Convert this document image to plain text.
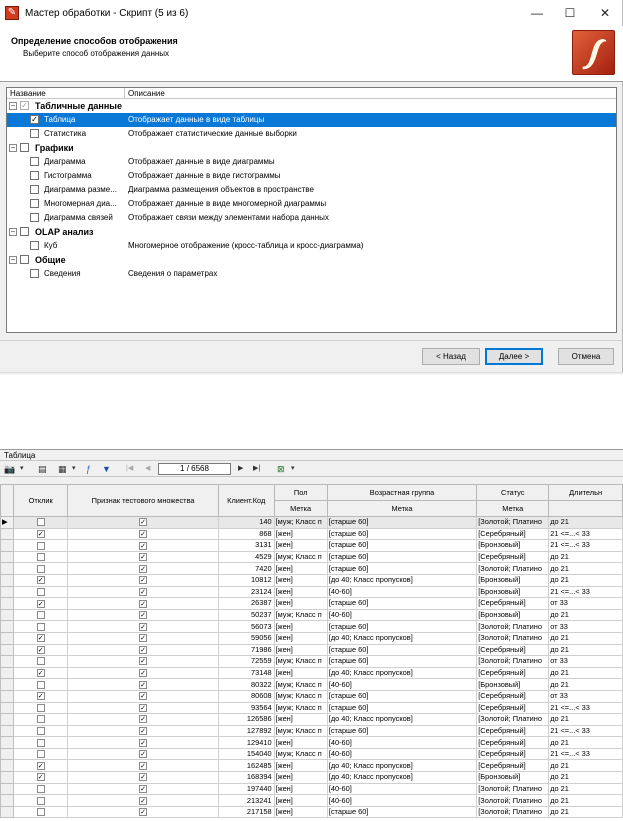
✎ Мастер обработки - Скрипт (5 из 6)	—	☐	✕
Определение способов отображения
Выберите способ отображения данных
Название	Описание
− ✓ Табличные данные
✓ Таблица	Отображает данные в виде таблицы
Статистика	Отображает статистические данные выборки
− Графики
Диаграмма	Отображает данные в виде диаграммы
Гистограмма	Отображает данные в виде гистограммы
Диаграмма разме... Диаграмма размещения объектов в пространстве
Многомерная диа... Отображает данные в виде многомерной диаграммы
Диаграмма связей Отображает связи между элементами набора данных
− OLAP анализ
Куб	Многомерное отображение (кросс-таблица и кросс-диаграмма)
− Общие
Сведения	Сведения о параметрах
< Назад	Далее >	Отмена
Таблица
📷 ▾ ▤ ▦ ▾ ƒ ▼ |◀ ◀	1 / 6568	▶ ▶| ⊠ ▾
	Отклик	Признак тестового множества	Клиент.Код	Пол	Возрастная группа	Статус	Длительн
				Метка	Метка	Метка	
▶		✓	140	[муж; Класс п	[старше 60]	[Золотой; Платино	до 21
	✓	✓	868	[жен]	[старше 60]	[Серебряный]	21 <=...< 33
		✓	3131	[жен]	[старше 60]	[Бронзовый]	21 <=...< 33
		✓	4529	[муж; Класс п	[старше 60]	[Серебряный]	до 21
		✓	7420	[жен]	[старше 60]	[Золотой; Платино	до 21
	✓	✓	10812	[жен]	[до 40; Класс пропусков]	[Бронзовый]	до 21
		✓	23124	[жен]	[40-60]	[Бронзовый]	21 <=...< 33
	✓	✓	26387	[жен]	[старше 60]	[Серебряный]	от 33
		✓	50237	[муж; Класс п	[40-60]	[Бронзовый]	до 21
		✓	56073	[жен]	[старше 60]	[Золотой; Платино	от 33
	✓	✓	59056	[жен]	[до 40; Класс пропусков]	[Золотой; Платино	до 21
	✓	✓	71986	[жен]	[старше 60]	[Серебряный]	до 21
		✓	72559	[муж; Класс п	[старше 60]	[Золотой; Платино	от 33
	✓	✓	73148	[жен]	[до 40; Класс пропусков]	[Серебряный]	до 21
		✓	80322	[муж; Класс п	[40-60]	[Бронзовый]	до 21
	✓	✓	80608	[муж; Класс п	[старше 60]	[Серебряный]	от 33
		✓	93564	[муж; Класс п	[старше 60]	[Серебряный]	21 <=...< 33
		✓	126586	[жен]	[до 40; Класс пропусков]	[Золотой; Платино	до 21
		✓	127892	[муж; Класс п	[старше 60]	[Серебряный]	21 <=...< 33
		✓	129410	[жен]	[40-60]	[Серебряный]	до 21
		✓	154040	[муж; Класс п	[40-60]	[Серебряный]	21 <=...< 33
	✓	✓	162485	[жен]	[до 40; Класс пропусков]	[Серебряный]	до 21
	✓	✓	168394	[жен]	[до 40; Класс пропусков]	[Бронзовый]	до 21
		✓	197440	[жен]	[40-60]	[Золотой; Платино	до 21
		✓	213241	[жен]	[40-60]	[Золотой; Платино	до 21
		✓	217158	[жен]	[старше 60]	[Золотой; Платино	до 21
